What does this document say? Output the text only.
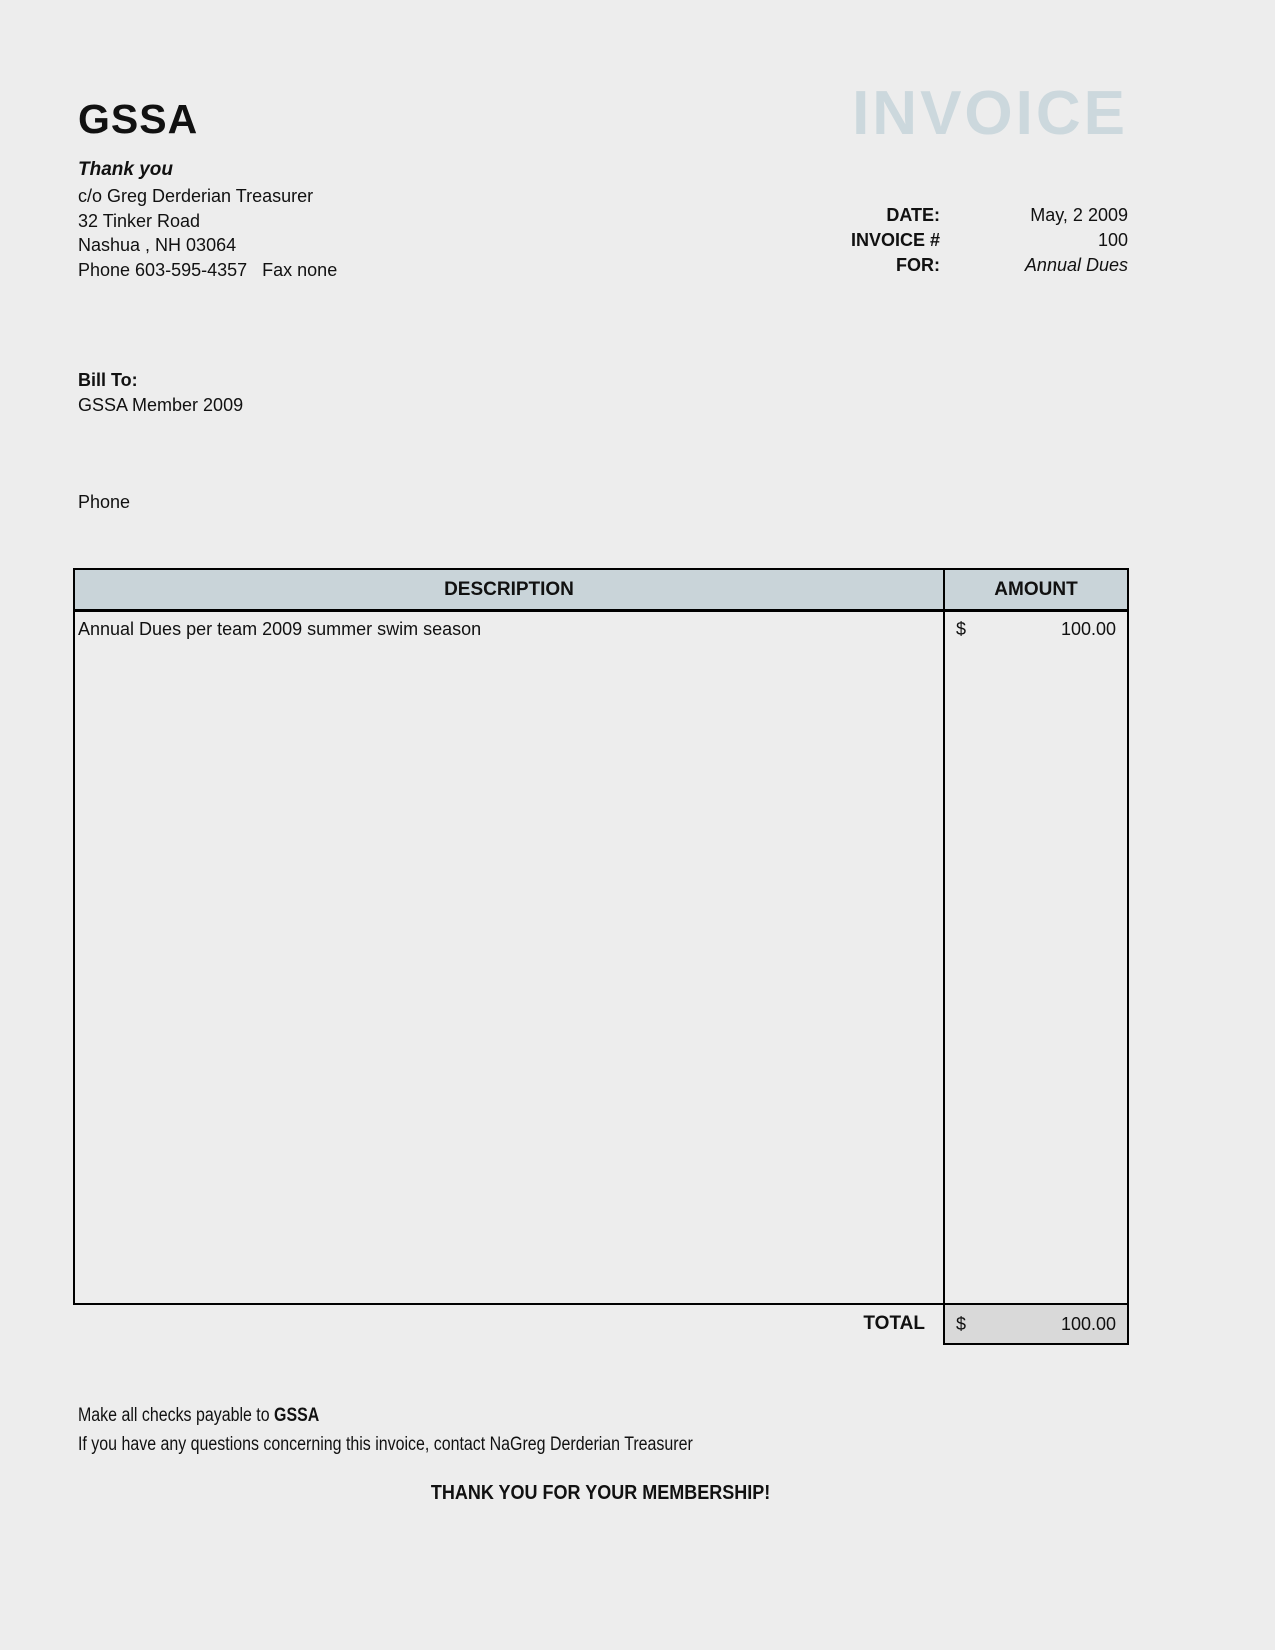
GSSA
Thank you
c/o Greg Derderian Treasurer
32 Tinker Road
Nashua , NH 03064
Phone 603-595-4357   Fax none
INVOICE
DATE:	May, 2 2009
INVOICE #	100
FOR:	Annual Dues
Bill To:
GSSA Member 2009
Phone
DESCRIPTION	AMOUNT
Annual Dues per team 2009 summer swim season	$	100.00
TOTAL $	100.00
Make all checks payable to GSSA
If you have any questions concerning this invoice, contact NaGreg Derderian Treasurer
THANK YOU FOR YOUR MEMBERSHIP!
